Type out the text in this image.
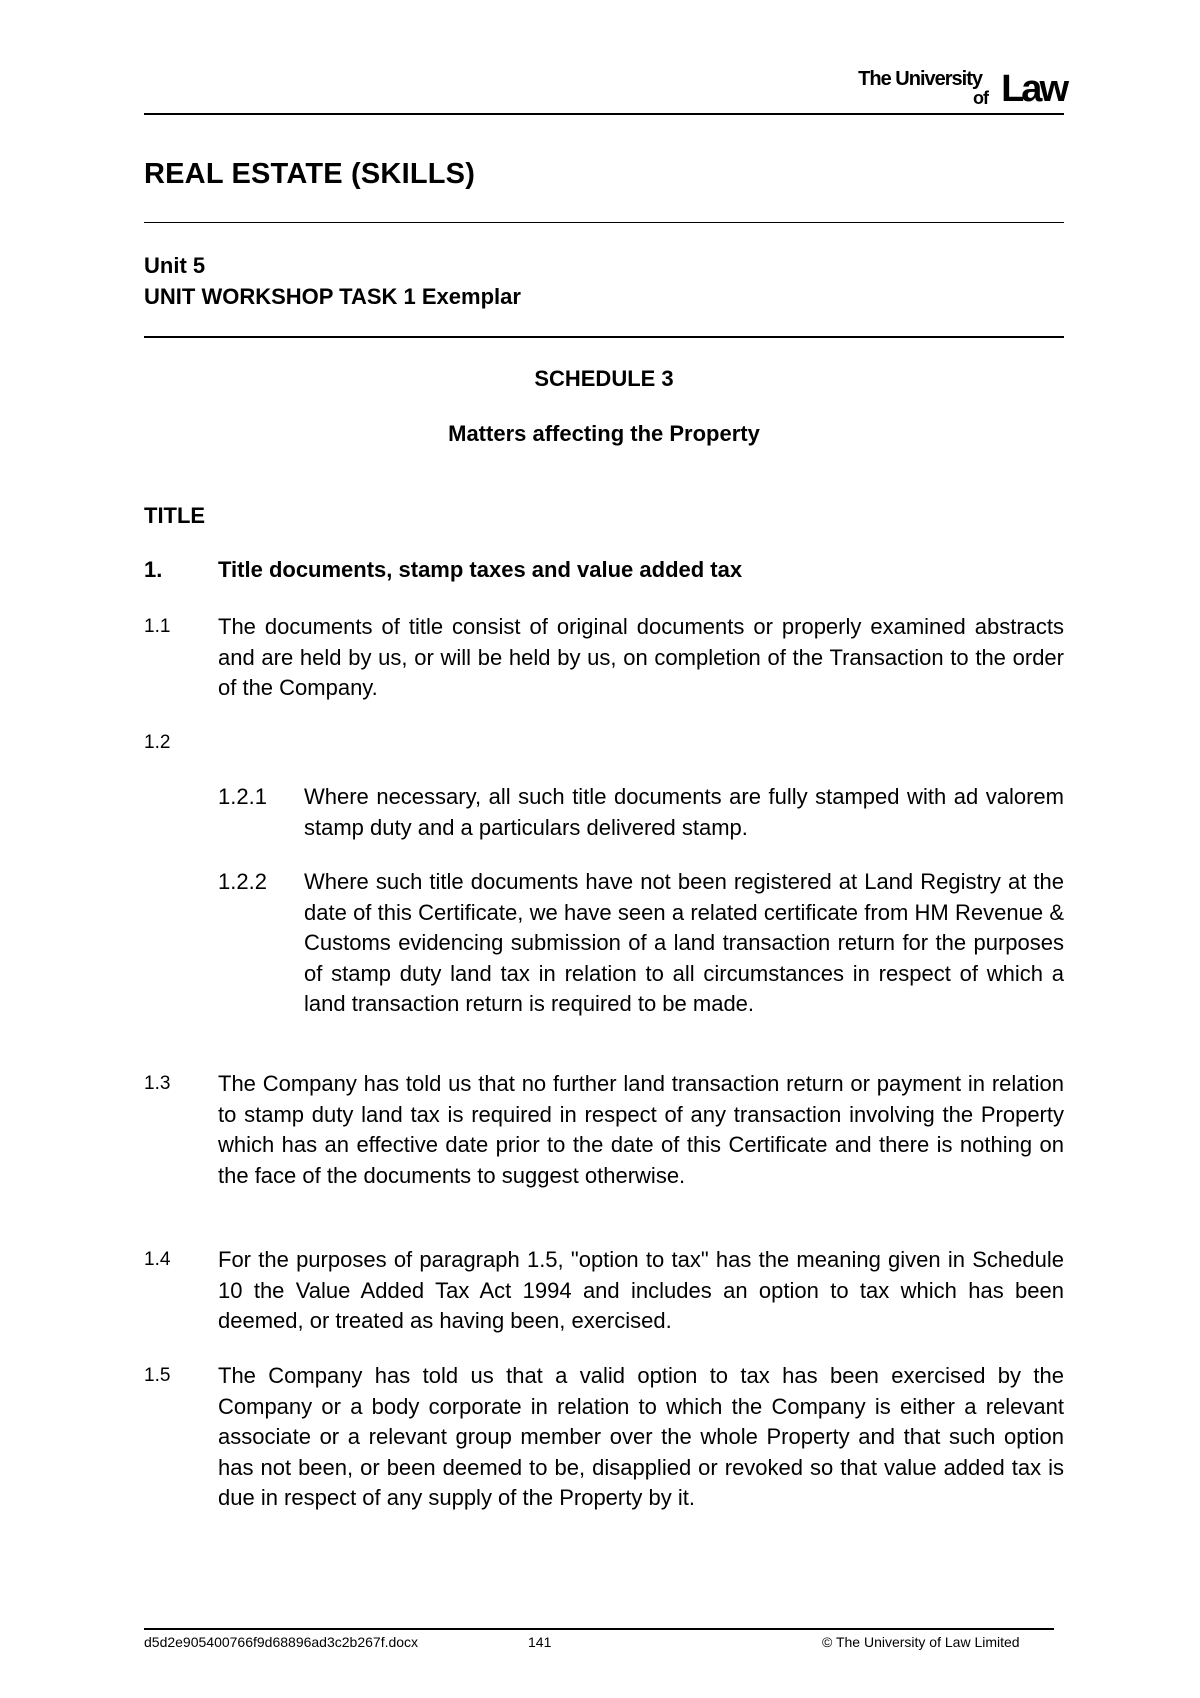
The University
of Law
REAL ESTATE (SKILLS)
Unit 5
UNIT WORKSHOP TASK 1 Exemplar
SCHEDULE 3
Matters affecting the Property
TITLE
1.	Title documents, stamp taxes and value added tax
1.1 The documents of title consist of original documents or properly examined abstracts and are held by us, or will be held by us, on completion of the Transaction to the order of the Company.
1.2
1.2.1 Where necessary, all such title documents are fully stamped with ad valorem stamp duty and a particulars delivered stamp.
1.2.2 Where such title documents have not been registered at Land Registry at the date of this Certificate, we have seen a related certificate from HM Revenue & Customs evidencing submission of a land transaction return for the purposes of stamp duty land tax in relation to all circumstances in respect of which a land transaction return is required to be made.
1.3 The Company has told us that no further land transaction return or payment in relation to stamp duty land tax is required in respect of any transaction involving the Property which has an effective date prior to the date of this Certificate and there is nothing on the face of the documents to suggest otherwise.
1.4 For the purposes of paragraph 1.5, "option to tax" has the meaning given in Schedule 10 the Value Added Tax Act 1994 and includes an option to tax which has been deemed, or treated as having been, exercised.
1.5 The Company has told us that a valid option to tax has been exercised by the Company or a body corporate in relation to which the Company is either a relevant associate or a relevant group member over the whole Property and that such option has not been, or been deemed to be, disapplied or revoked so that value added tax is due in respect of any supply of the Property by it.
d5d2e905400766f9d68896ad3c2b267f.docx	141	© The University of Law Limited
